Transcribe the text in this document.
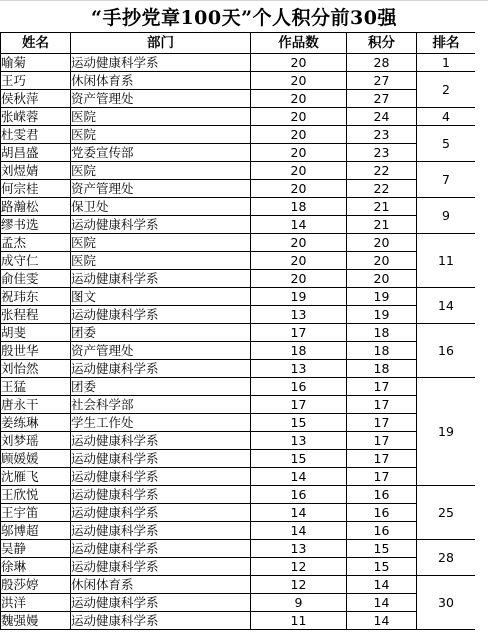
“手抄党章100天”个人积分前30强
姓名	部门	作品数	积分	排名
喻菊	运动健康科学系	20	28	1
王巧	休闲体育系	20	27	2
侯秋萍	资产管理处	20	27	
张嵘蓉	医院	20	24	4
杜雯君	医院	20	23	5
胡昌盛	党委宣传部	20	23	
刘煜婧	医院	20	22	7
何宗桂	资产管理处	20	22	
路瀚松	保卫处	18	21	9
缪书选	运动健康科学系	14	21	
孟杰	医院	20	20	11
成守仁	医院	20	20	
俞佳雯	运动健康科学系	20	20	
祝玮东	图文	19	19	14
张程程	运动健康科学系	13	19	
胡斐	团委	17	18	16
殷世华	资产管理处	18	18	
刘怡然	运动健康科学系	13	18	
王猛	团委	16	17	19
唐永干	社会科学部	17	17	
姜练琳	学生工作处	15	17	
刘梦瑶	运动健康科学系	13	17	
顾媛媛	运动健康科学系	15	17	
沈雁飞	运动健康科学系	14	17	
王欣悦	运动健康科学系	16	16	25
王宇笛	运动健康科学系	14	16	
邬博超	运动健康科学系	14	16	
吴静	运动健康科学系	13	15	28
徐琳	运动健康科学系	12	15	
殷莎婷	休闲体育系	12	14	30
洪洋	运动健康科学系	9	14	
魏强嫚	运动健康科学系	11	14	
